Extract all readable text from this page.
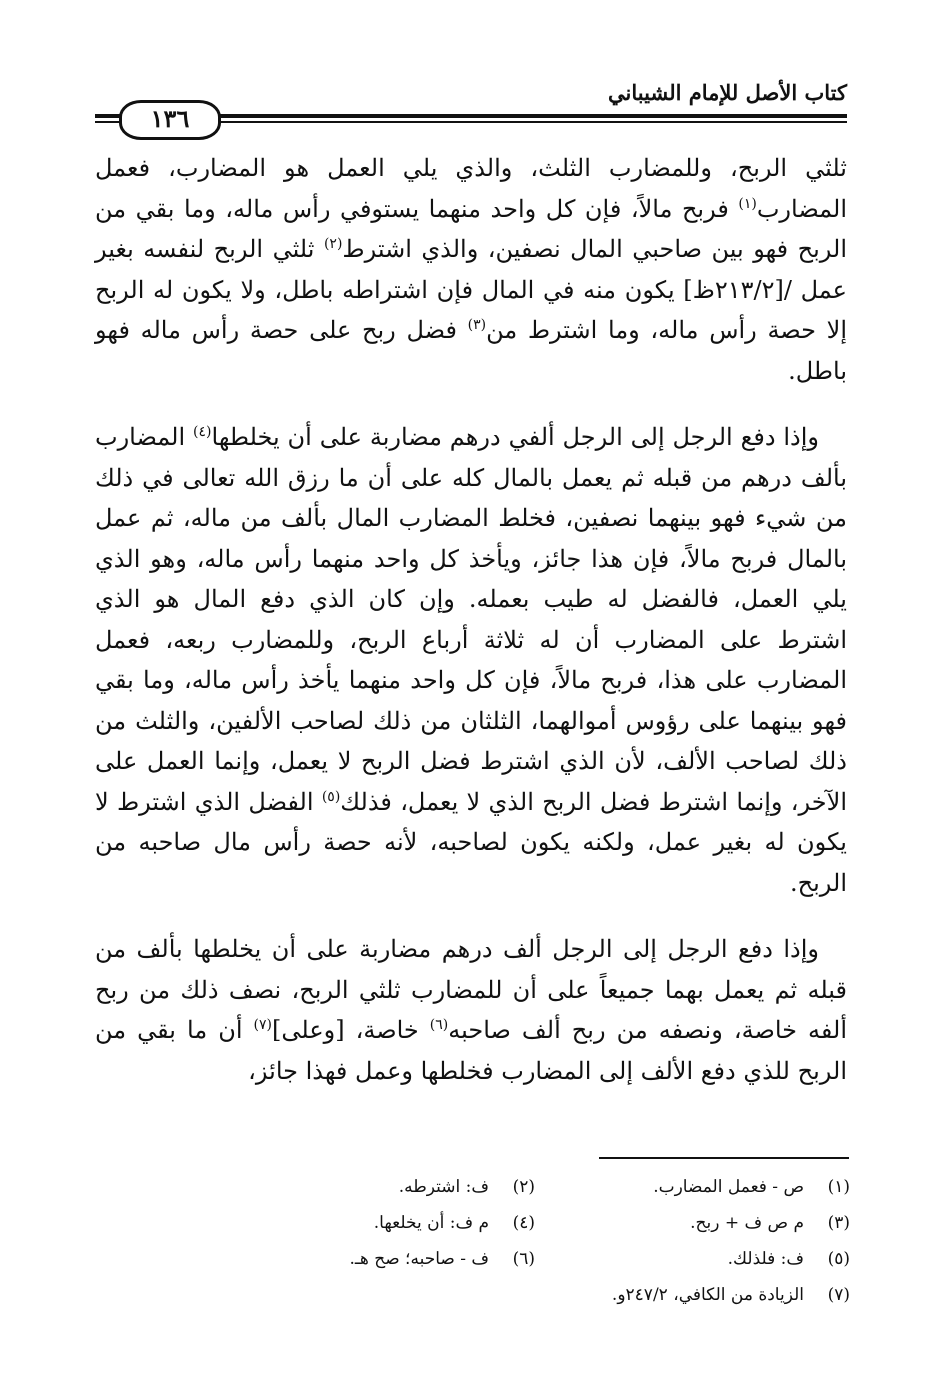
كتاب الأصل للإمام الشيباني
١٣٦

ثلثي الربح، وللمضارب الثلث، والذي يلي العمل هو المضارب، فعمل المضارب$^{(١)}$ فربح مالاً، فإن كل واحد منهما يستوفي رأس ماله، وما بقي من الربح فهو بين صاحبي المال نصفين، والذي اشترط$^{(٢)}$ ثلثي الربح لنفسه بغير عمل /[٢١٣/٢ظ] يكون منه في المال فإن اشتراطه باطل، ولا يكون له الربح إلا حصة رأس ماله، وما اشترط من$^{(٣)}$ فضل ربح على حصة رأس ماله فهو باطل.

وإذا دفع الرجل إلى الرجل ألفي درهم مضاربة على أن يخلطها$^{(٤)}$ المضارب بألف درهم من قبله ثم يعمل بالمال كله على أن ما رزق الله تعالى في ذلك من شيء فهو بينهما نصفين، فخلط المضارب المال بألف من ماله، ثم عمل بالمال فربح مالاً، فإن هذا جائز، ويأخذ كل واحد منهما رأس ماله، وهو الذي يلي العمل، فالفضل له طيب بعمله. وإن كان الذي دفع المال هو الذي اشترط على المضارب أن له ثلاثة أرباع الربح، وللمضارب ربعه، فعمل المضارب على هذا، فربح مالاً، فإن كل واحد منهما يأخذ رأس ماله، وما بقي فهو بينهما على رؤوس أموالهما، الثلثان من ذلك لصاحب الألفين، والثلث من ذلك لصاحب الألف، لأن الذي اشترط فضل الربح لا يعمل، وإنما العمل على الآخر، وإنما اشترط فضل الربح الذي لا يعمل، فذلك$^{(٥)}$ الفضل الذي اشترط لا يكون له بغير عمل، ولكنه يكون لصاحبه، لأنه حصة رأس مال صاحبه من الربح.

وإذا دفع الرجل إلى الرجل ألف درهم مضاربة على أن يخلطها بألف من قبله ثم يعمل بهما جميعاً على أن للمضارب ثلثي الربح، نصف ذلك من ربح ألفه خاصة، ونصفه من ربح ألف صاحبه$^{(٦)}$ خاصة، [وعلى]$^{(٧)}$ أن ما بقي من الربح للذي دفع الألف إلى المضارب فخلطها وعمل فهذا جائز،

(١)ص - فعمل المضارب.
(٢)ف: اشترطه.
(٣)م ص ف + ربح.
(٤)م ف: أن يخلعها.
(٥)ف: فلذلك.
(٦)ف - صاحبه؛ صح هـ.
(٧)الزيادة من الكافي، ٢٤٧/٢و.
